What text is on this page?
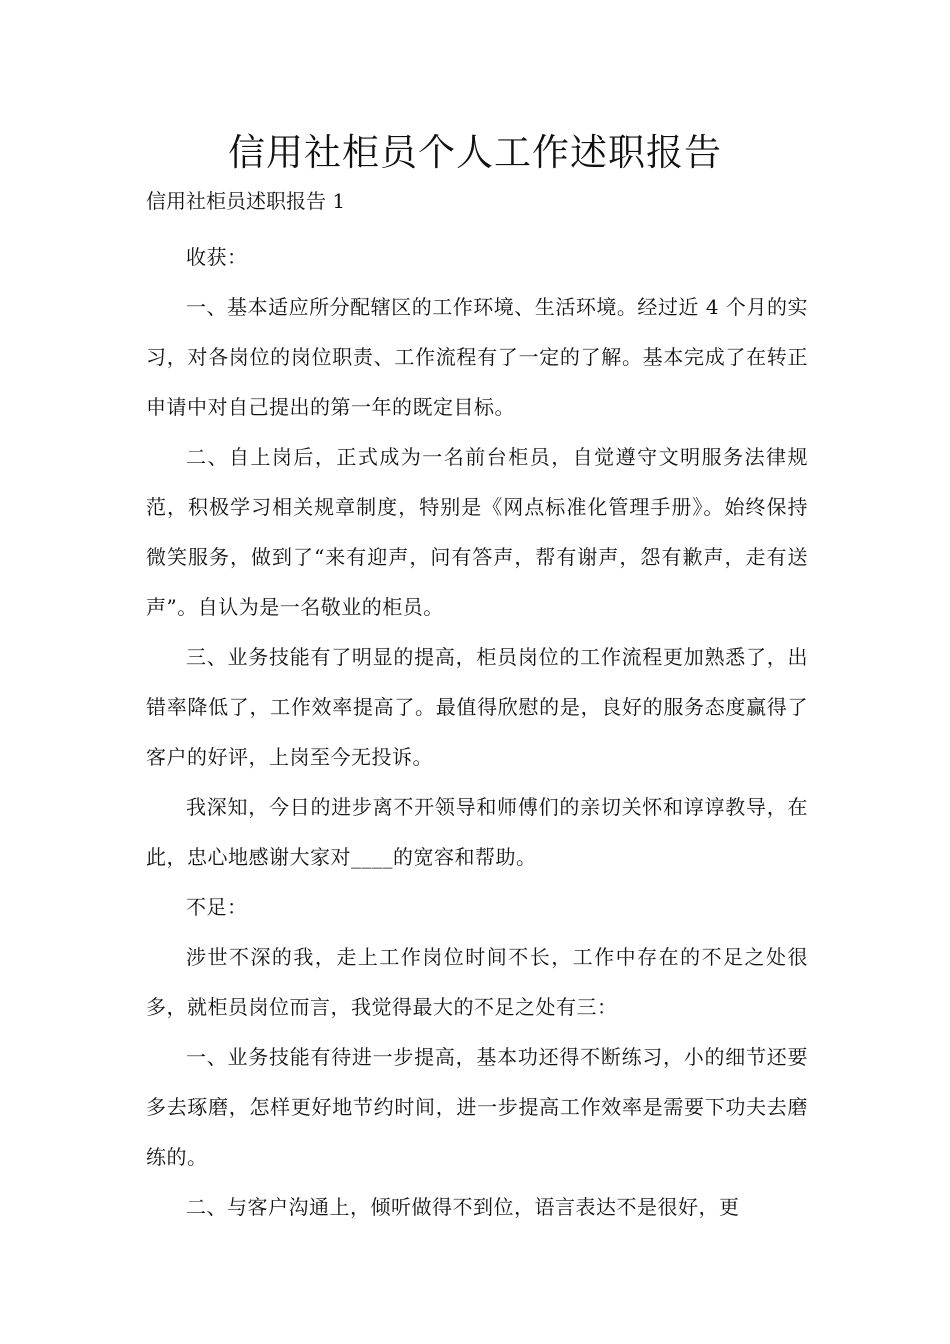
信用社柜员个人工作述职报告

信用社柜员述职报告 1

收获：

一、基本适应所分配辖区的工作环境、生活环境。经过近 4 个月的实习，对各岗位的岗位职责、工作流程有了一定的了解。基本完成了在转正申请中对自己提出的第一年的既定目标。

二、自上岗后，正式成为一名前台柜员，自觉遵守文明服务法律规范，积极学习相关规章制度，特别是《网点标准化管理手册》。始终保持微笑服务，做到了“来有迎声，问有答声，帮有谢声，怨有歉声，走有送声”。自认为是一名敬业的柜员。

三、业务技能有了明显的提高，柜员岗位的工作流程更加熟悉了，出错率降低了，工作效率提高了。最值得欣慰的是，良好的服务态度赢得了客户的好评，上岗至今无投诉。

我深知，今日的进步离不开领导和师傅们的亲切关怀和谆谆教导，在此，忠心地感谢大家对____的宽容和帮助。

不足：

涉世不深的我，走上工作岗位时间不长，工作中存在的不足之处很多，就柜员岗位而言，我觉得最大的不足之处有三：

一、业务技能有待进一步提高，基本功还得不断练习，小的细节还要多去琢磨，怎样更好地节约时间，进一步提高工作效率是需要下功夫去磨练的。

二、与客户沟通上，倾听做得不到位，语言表达不是很好，更
